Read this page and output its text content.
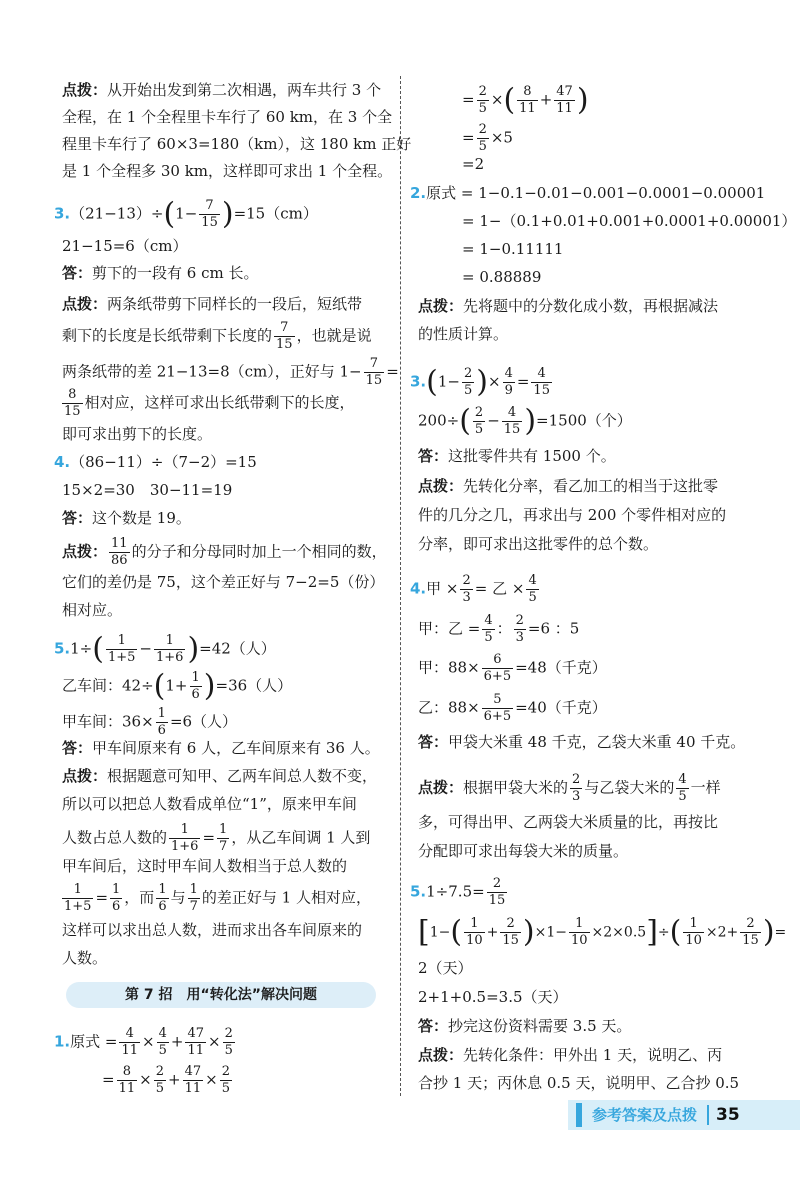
点拨：从开始出发到第二次相遇，两车共行 3 个
全程，在 1 个全程里卡车行了 60 km，在 3 个全
程里卡车行了 60×3=180（km），这 180 km 正好
是 1 个全程多 30 km，这样即可求出 1 个全程。
$3.(21-13)\div(1- \frac{7}{15} )=15(cm)$
21−15=6（cm）
答：剪下的一段有 6 cm 长。
点拨：两条纸带剪下同样长的一段后，短纸带
剩下的长度是长纸带剩下长度的 $\frac{7}{15}$ ，也就是说
两条纸带的差 21−13=8（cm），正好与 $1- \frac{7}{15}$ =
$\frac{8}{15}$ 相对应，这样可求出长纸带剩下的长度，
即可求出剪下的长度。
4.（86−11）÷（7−2）=15
15×2=30　30−11=19
答：这个数是 19。
点拨： $\frac{11}{86}$ 的分子和分母同时加上一个相同的数，
它们的差仍是 75，这个差正好与 7−2=5（份）
相对应。
$5.1\div( \frac{1}{1+5} - \frac{1}{1+6} )=42$（人）
乙车间：$42\div(1+ \frac{1}{6} )=36$（人）
甲车间：$36\times \frac{1}{6} =6$（人）
答：甲车间原来有 6 人，乙车间原来有 36 人。
点拨：根据题意可知甲、乙两车间总人数不变，
所以可以把总人数看成单位“1”，原来甲车间
人数占总人数的 $\frac{1}{1+6} = \frac{1}{7}$ ，从乙车间调 1 人到
甲车间后，这时甲车间人数相当于总人数的
$\frac{1}{1+5} = \frac{1}{6}$ ，而 $\frac{1}{6}$ 与 $\frac{1}{7}$ 的差正好与 1 人相对应，
这样可以求出总人数，进而求出各车间原来的
人数。
1.原式 = $\frac{4}{11} \times \frac{4}{5} + \frac{47}{11} \times \frac{2}{5}$
= $\frac{8}{11} \times \frac{2}{5} + \frac{47}{11} \times \frac{2}{5}$
第 7 招　用“转化法”解决问题
= $\frac{2}{5}$ ×( $\frac{8}{11} + \frac{47}{11}$ )
= $\frac{2}{5} \times 5$
=2
2.原式 = 1−0.1−0.01−0.001−0.0001−0.00001
= 1−（0.1+0.01+0.001+0.0001+0.00001）
= 1−0.11111
= 0.88889
点拨：先将题中的分数化成小数，再根据减法
的性质计算。
$3.(1- \frac{2}{5}$ )× $\frac{4}{9} = \frac{4}{15}$
$200\div( \frac{2}{5} - \frac{4}{15} )=1500$（个）
答：这批零件共有 1500 个。
点拨：先转化分率，看乙加工的相当于这批零
件的几分之几，再求出与 200 个零件相对应的
分率，即可求出这批零件的总个数。
4.甲 × $\frac{2}{3}$ = 乙 × $\frac{4}{5}$
甲：乙 = $\frac{4}{5}$ ： $\frac{2}{3} =6$ ：5
甲：$88\times \frac{6}{6+5} =48$（千克）
乙：$88\times \frac{5}{6+5} =40$（千克）
答：甲袋大米重 48 千克，乙袋大米重 40 千克。
点拨：根据甲袋大米的 $\frac{2}{3}$ 与乙袋大米的 $\frac{4}{5}$ 一样
多，可得出甲、乙两袋大米质量的比，再按比
分配即可求出每袋大米的质量。
$5.1\div 7.5= \frac{2}{15}$
$[1-( \frac{1}{10} + \frac{2}{15} )\times 1- \frac{1}{10} \times 2\times 0.5]\div( \frac{1}{10} \times 2+ \frac{2}{15}$ )=
2（天）
2+1+0.5=3.5（天）
答：抄完这份资料需要 3.5 天。
点拨：先转化条件：甲外出 1 天，说明乙、丙
合抄 1 天；丙休息 0.5 天，说明甲、乙合抄 0.5
参考答案及点拨 35
